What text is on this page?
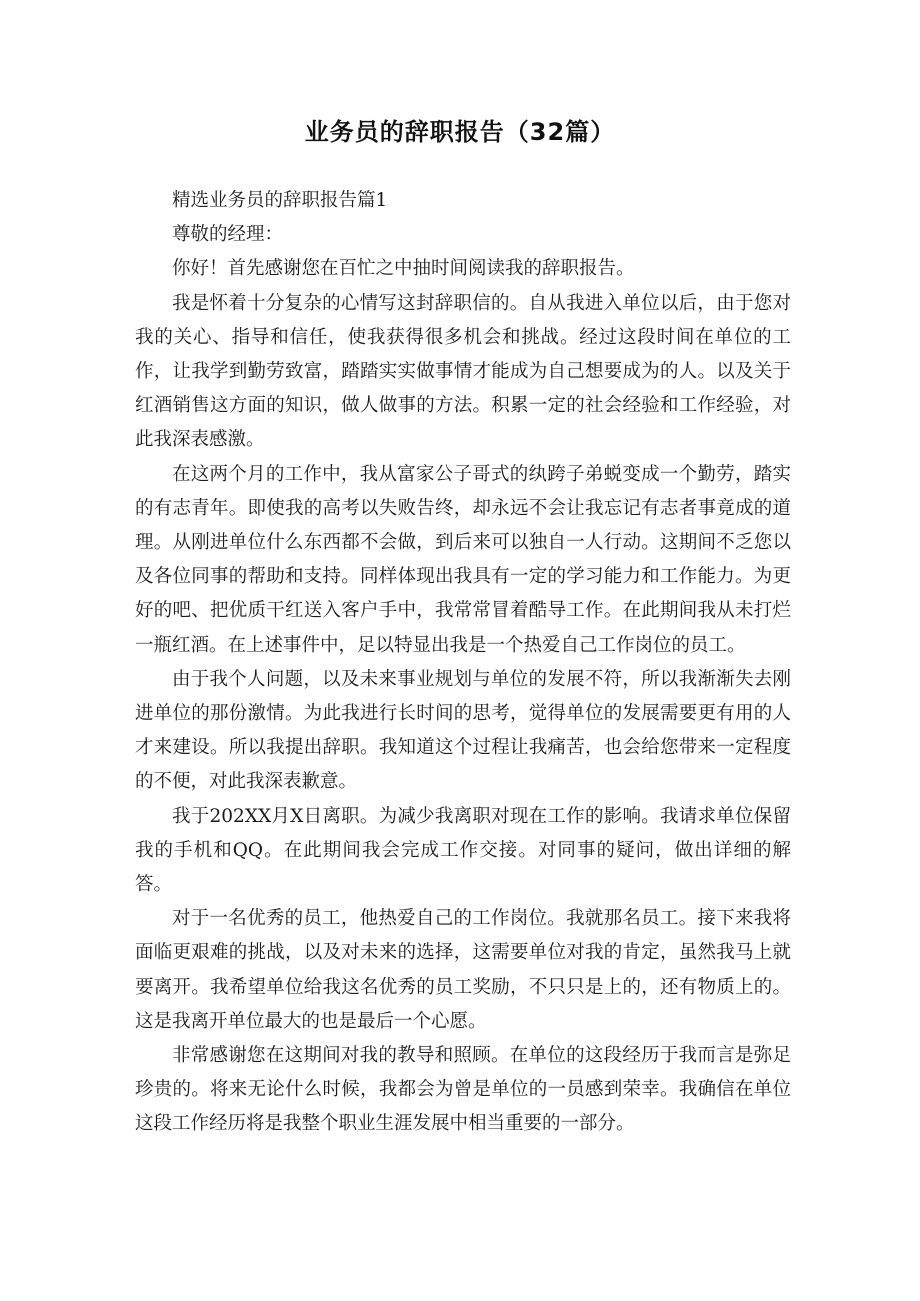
业务员的辞职报告（32篇）

精选业务员的辞职报告篇1

尊敬的经理：

你好！首先感谢您在百忙之中抽时间阅读我的辞职报告。

我是怀着十分复杂的心情写这封辞职信的。自从我进入单位以后，由于您对我的关心、指导和信任，使我获得很多机会和挑战。经过这段时间在单位的工作，让我学到勤劳致富，踏踏实实做事情才能成为自己想要成为的人。以及关于红酒销售这方面的知识，做人做事的方法。积累一定的社会经验和工作经验，对此我深表感激。

在这两个月的工作中，我从富家公子哥式的纨跨子弟蜕变成一个勤劳，踏实的有志青年。即使我的高考以失败告终，却永远不会让我忘记有志者事竟成的道理。从刚进单位什么东西都不会做，到后来可以独自一人行动。这期间不乏您以及各位同事的帮助和支持。同样体现出我具有一定的学习能力和工作能力。为更好的吧、把优质干红送入客户手中，我常常冒着酷导工作。在此期间我从未打烂一瓶红酒。在上述事件中，足以特显出我是一个热爱自己工作岗位的员工。

由于我个人问题，以及未来事业规划与单位的发展不符，所以我渐渐失去刚进单位的那份激情。为此我进行长时间的思考，觉得单位的发展需要更有用的人才来建设。所以我提出辞职。我知道这个过程让我痛苦，也会给您带来一定程度的不便，对此我深表歉意。

我于202XX月X日离职。为减少我离职对现在工作的影响。我请求单位保留我的手机和QQ。在此期间我会完成工作交接。对同事的疑问，做出详细的解答。

对于一名优秀的员工，他热爱自己的工作岗位。我就那名员工。接下来我将面临更艰难的挑战，以及对未来的选择，这需要单位对我的肯定，虽然我马上就要离开。我希望单位给我这名优秀的员工奖励，不只只是上的，还有物质上的。这是我离开单位最大的也是最后一个心愿。

非常感谢您在这期间对我的教导和照顾。在单位的这段经历于我而言是弥足珍贵的。将来无论什么时候，我都会为曾是单位的一员感到荣幸。我确信在单位这段工作经历将是我整个职业生涯发展中相当重要的一部分。
